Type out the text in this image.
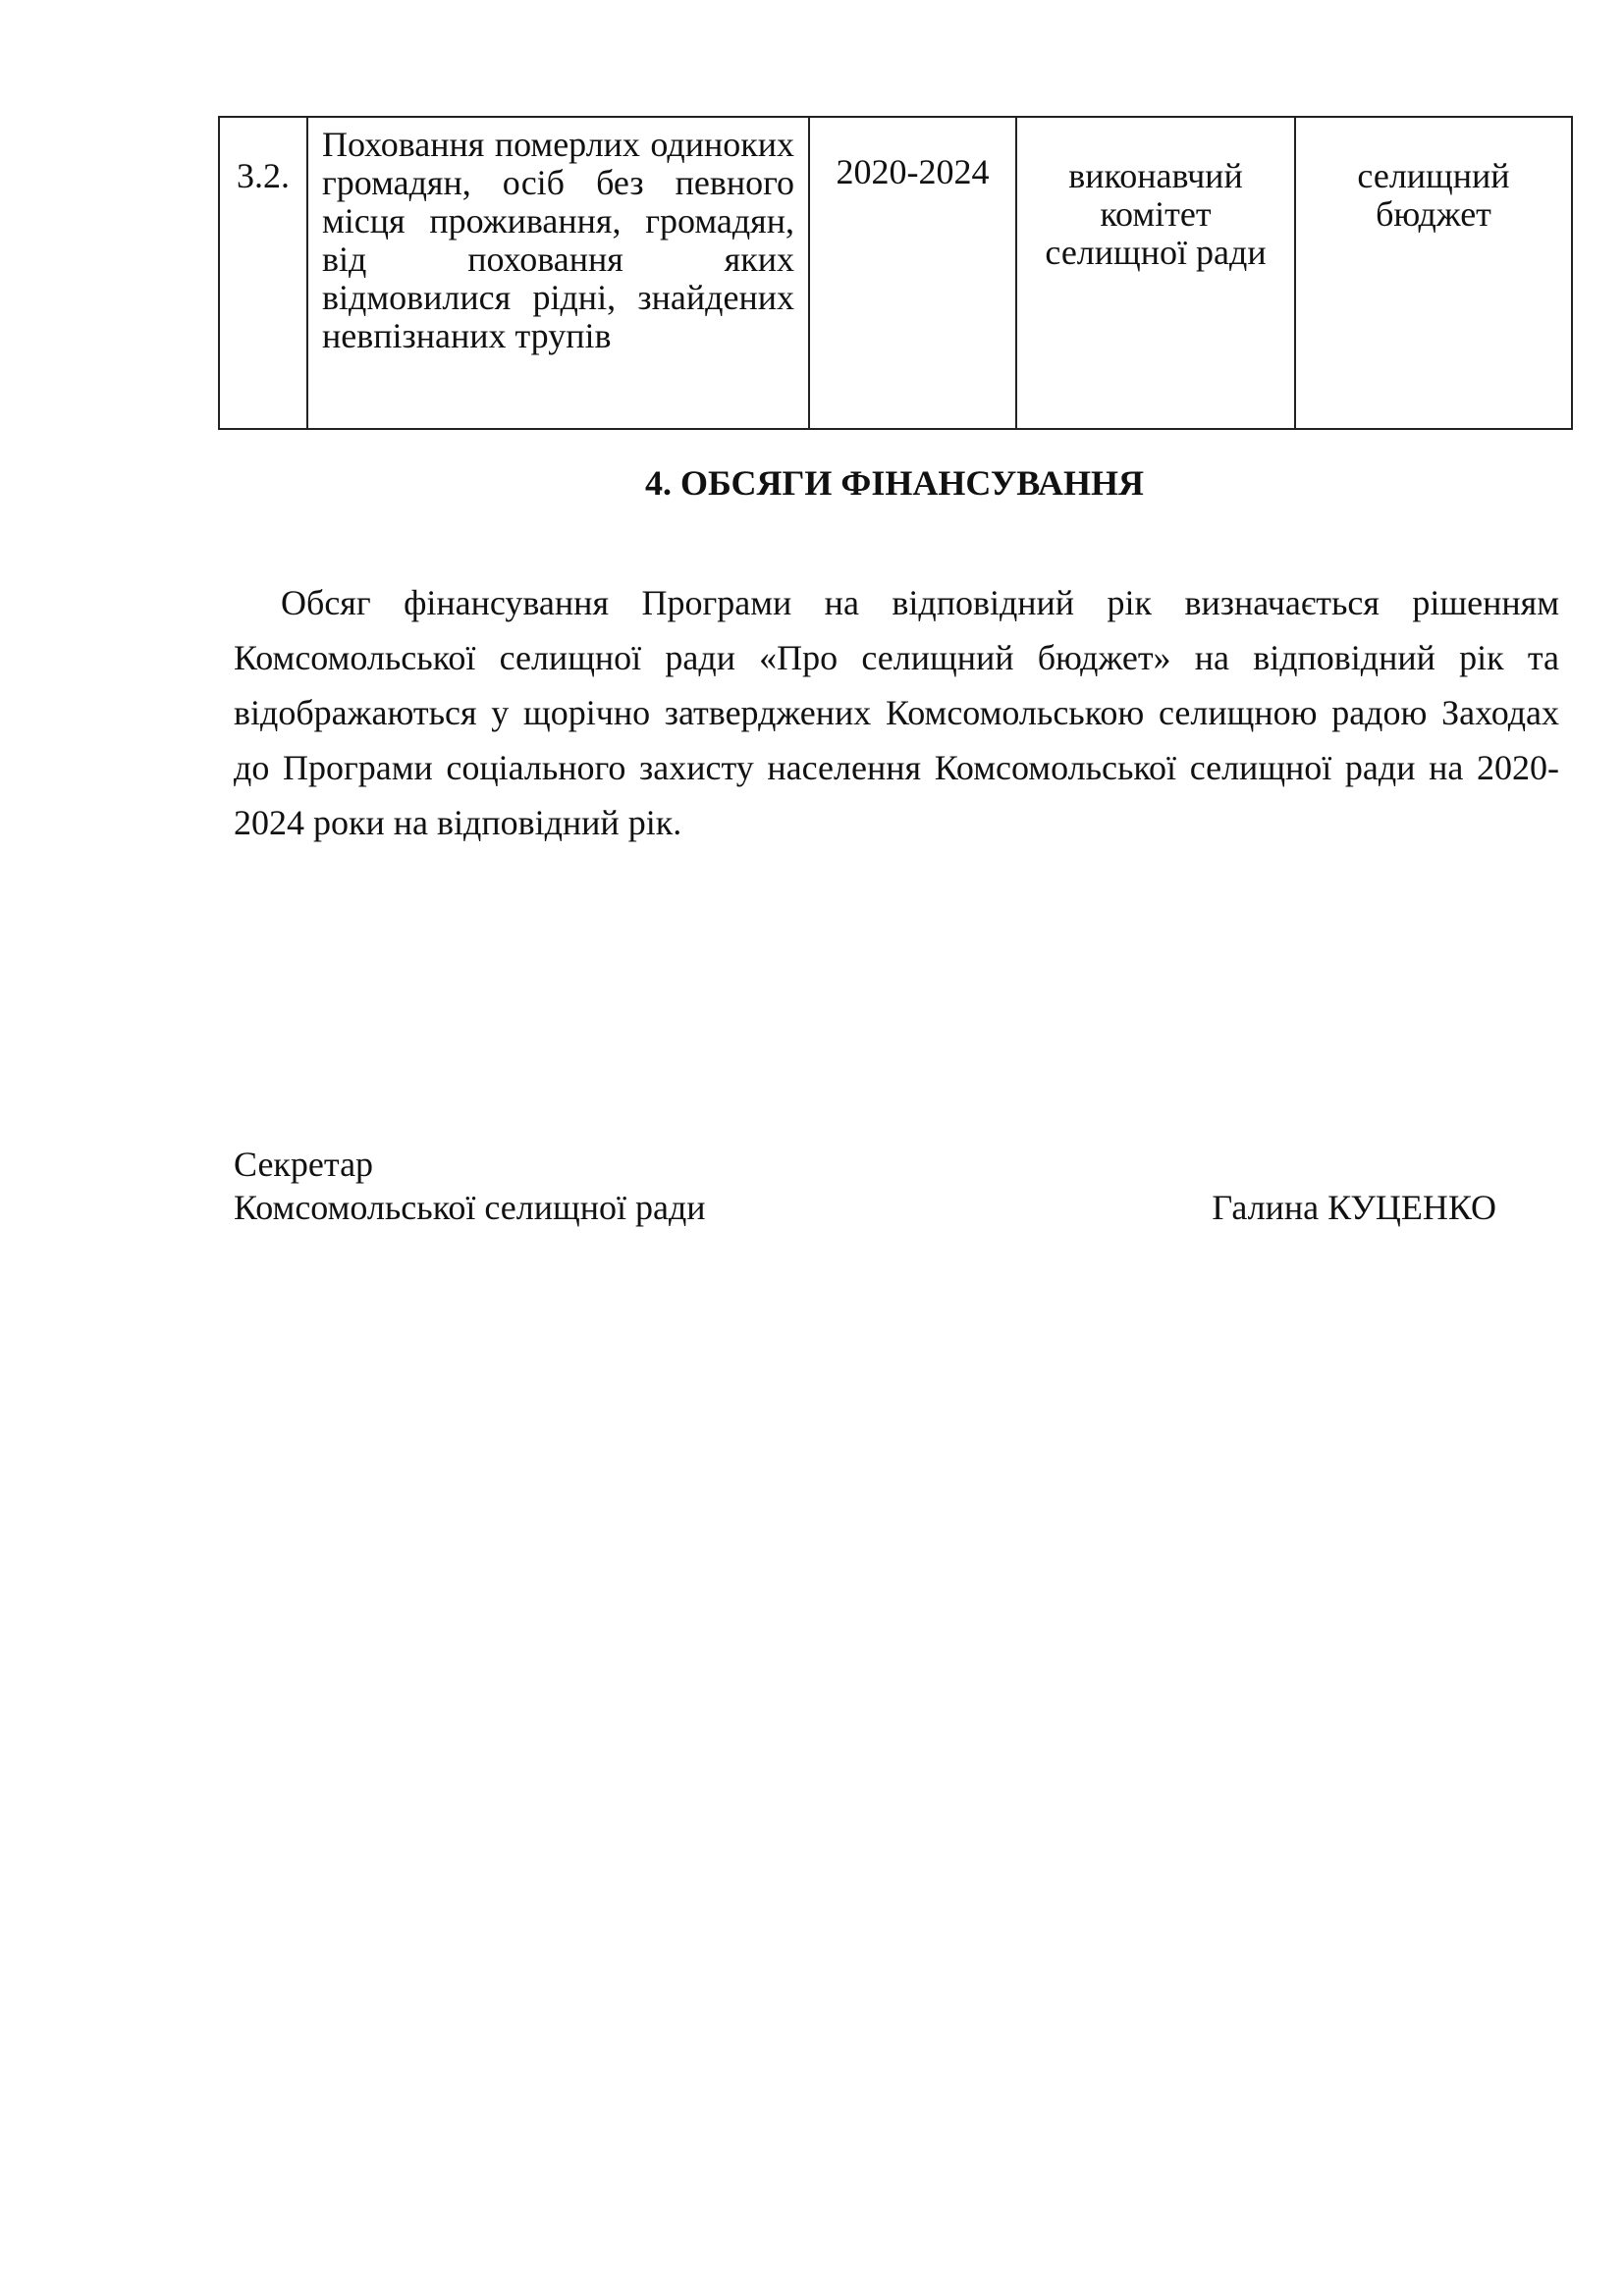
3.2.	Поховання померлих одиноких громадян, осіб без певного місця проживання, громадян, від поховання яких відмовилися рідні, знайдених невпізнаних трупів	2020-2024	виконавчий комітет селищної ради	селищний бюджет
4. ОБСЯГИ ФІНАНСУВАННЯ

Обсяг фінансування Програми на відповідний рік визначається рішенням Комсомольської селищної ради «Про селищний бюджет» на відповідний рік та відображаються у щорічно затверджених Комсомольською селищною радою Заходах до Програми соціального захисту населення Комсомольської селищної ради на 2020-2024 роки на відповідний рік.

Секретар
Комсомольської селищної ради	Галина КУЦЕНКО
